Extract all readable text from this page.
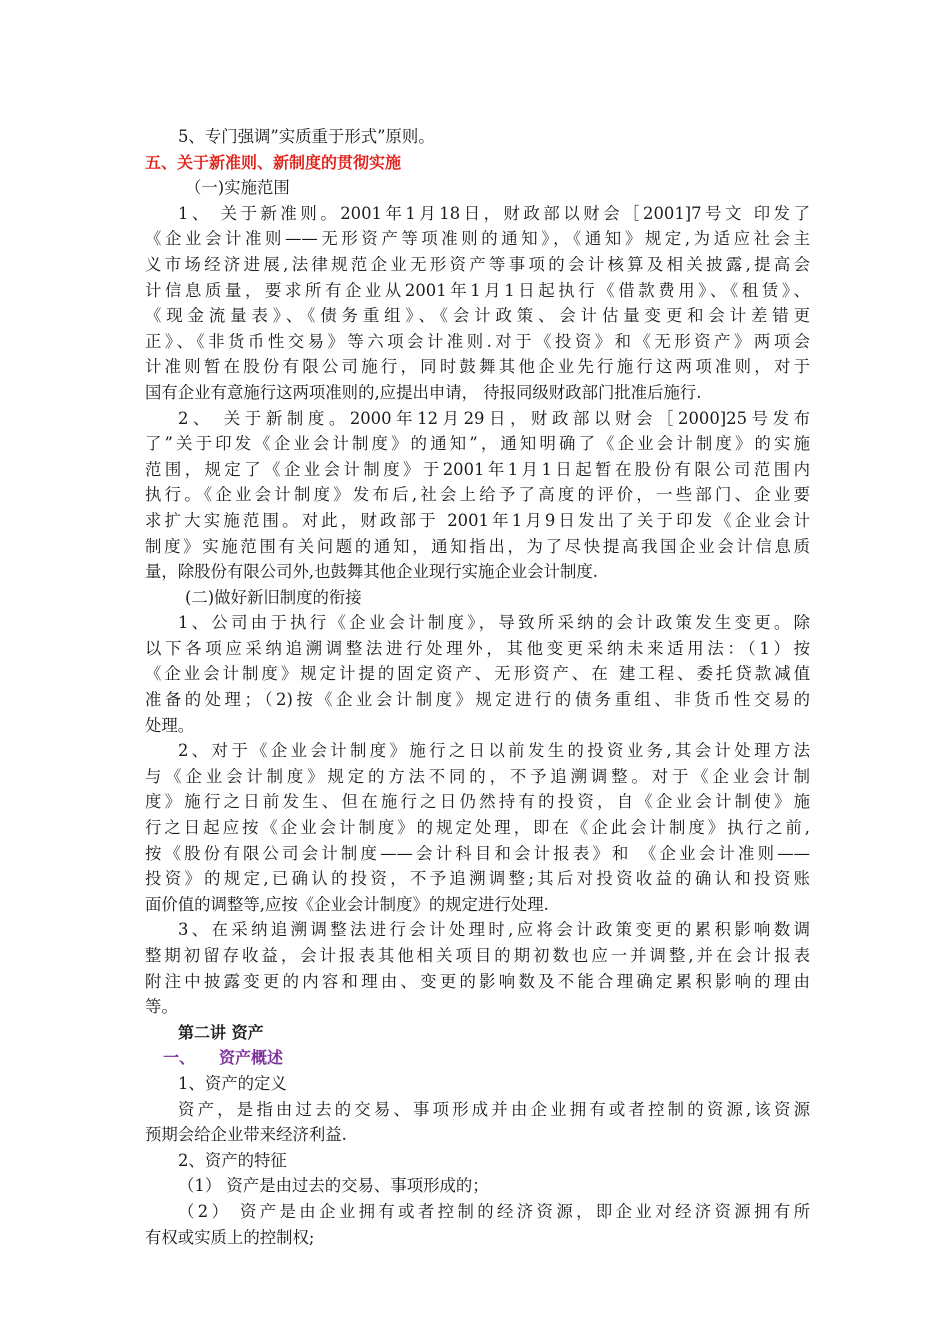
5、专门强调”实质重于形式”原则。
五、关于新准则、新制度的贯彻实施
（一)实施范围
1、 关于新准则。2001年1月18日，财政部以财会［2001]7号文 印发了
《企业会计准则——无形资产等项准则的通知》，《通知》规定,为适应社会主
义市场经济进展,法律规范企业无形资产等事项的会计核算及相关披露,提高会
计信息质量，要求所有企业从2001年1月1日起执行《借款费用》、《租赁》、
《现金流量表》、《债务重组》、《会计政策、会计估量变更和会计差错更
正》、《非货币性交易》等六项会计准则.对于《投资》和《无形资产》两项会
计准则暂在股份有限公司施行，同时鼓舞其他企业先行施行这两项准则，对于
国有企业有意施行这两项准则的,应提出申请， 待报同级财政部门批准后施行.
2、 关于新制度。2000年12月29日，财政部以财会［2000]25号发布
了”关于印发《企业会计制度》的通知”，通知明确了《企业会计制度》的实施
范围，规定了《企业会计制度》于2001年1月1日起暂在股份有限公司范围内
执行。《企业会计制度》发布后,社会上给予了高度的评价，一些部门、企业要
求扩大实施范围。对此，财政部于 2001年1月9日发出了关于印发《企业会计
制度》实施范围有关问题的通知，通知指出，为了尽快提高我国企业会计信息质
量，除股份有限公司外,也鼓舞其他企业现行实施企业会计制度.
(二)做好新旧制度的衔接
1、公司由于执行《企业会计制度》，导致所采纳的会计政策发生变更。除
以下各项应采纳追溯调整法进行处理外，其他变更采纳未来适用法：（1）按
《企业会计制度》规定计提的固定资产、无形资产、在 建工程、委托贷款减值
准备的处理；（2)按《企业会计制度》规定进行的债务重组、非货币性交易的
处理。
2、对于《企业会计制度》施行之日以前发生的投资业务,其会计处理方法
与《企业会计制度》规定的方法不同的，不予追溯调整。对于《企业会计制
度》施行之日前发生、但在施行之日仍然持有的投资，自《企业会计制使》施
行之日起应按《企业会计制度》的规定处理，即在《企此会计制度》执行之前,
按《股份有限公司会计制度——会计科目和会计报表》和 《企业会计准则——
投资》的规定,已确认的投资，不予追溯调整;其后对投资收益的确认和投资账
面价值的调整等,应按《企业会计制度》的规定进行处理.
3、在采纳追溯调整法进行会计处理时,应将会计政策变更的累积影响数调
整期初留存收益，会计报表其他相关项目的期初数也应一并调整,并在会计报表
附注中披露变更的内容和理由、变更的影响数及不能合理确定累积影响的理由
等。
第二讲 资产
一、 资产概述
1、资产的定义
资产，是指由过去的交易、事项形成并由企业拥有或者控制的资源,该资源
预期会给企业带来经济利益.
2、资产的特征
（1） 资产是由过去的交易、事项形成的；
（2） 资产是由企业拥有或者控制的经济资源，即企业对经济资源拥有所
有权或实质上的控制权;
